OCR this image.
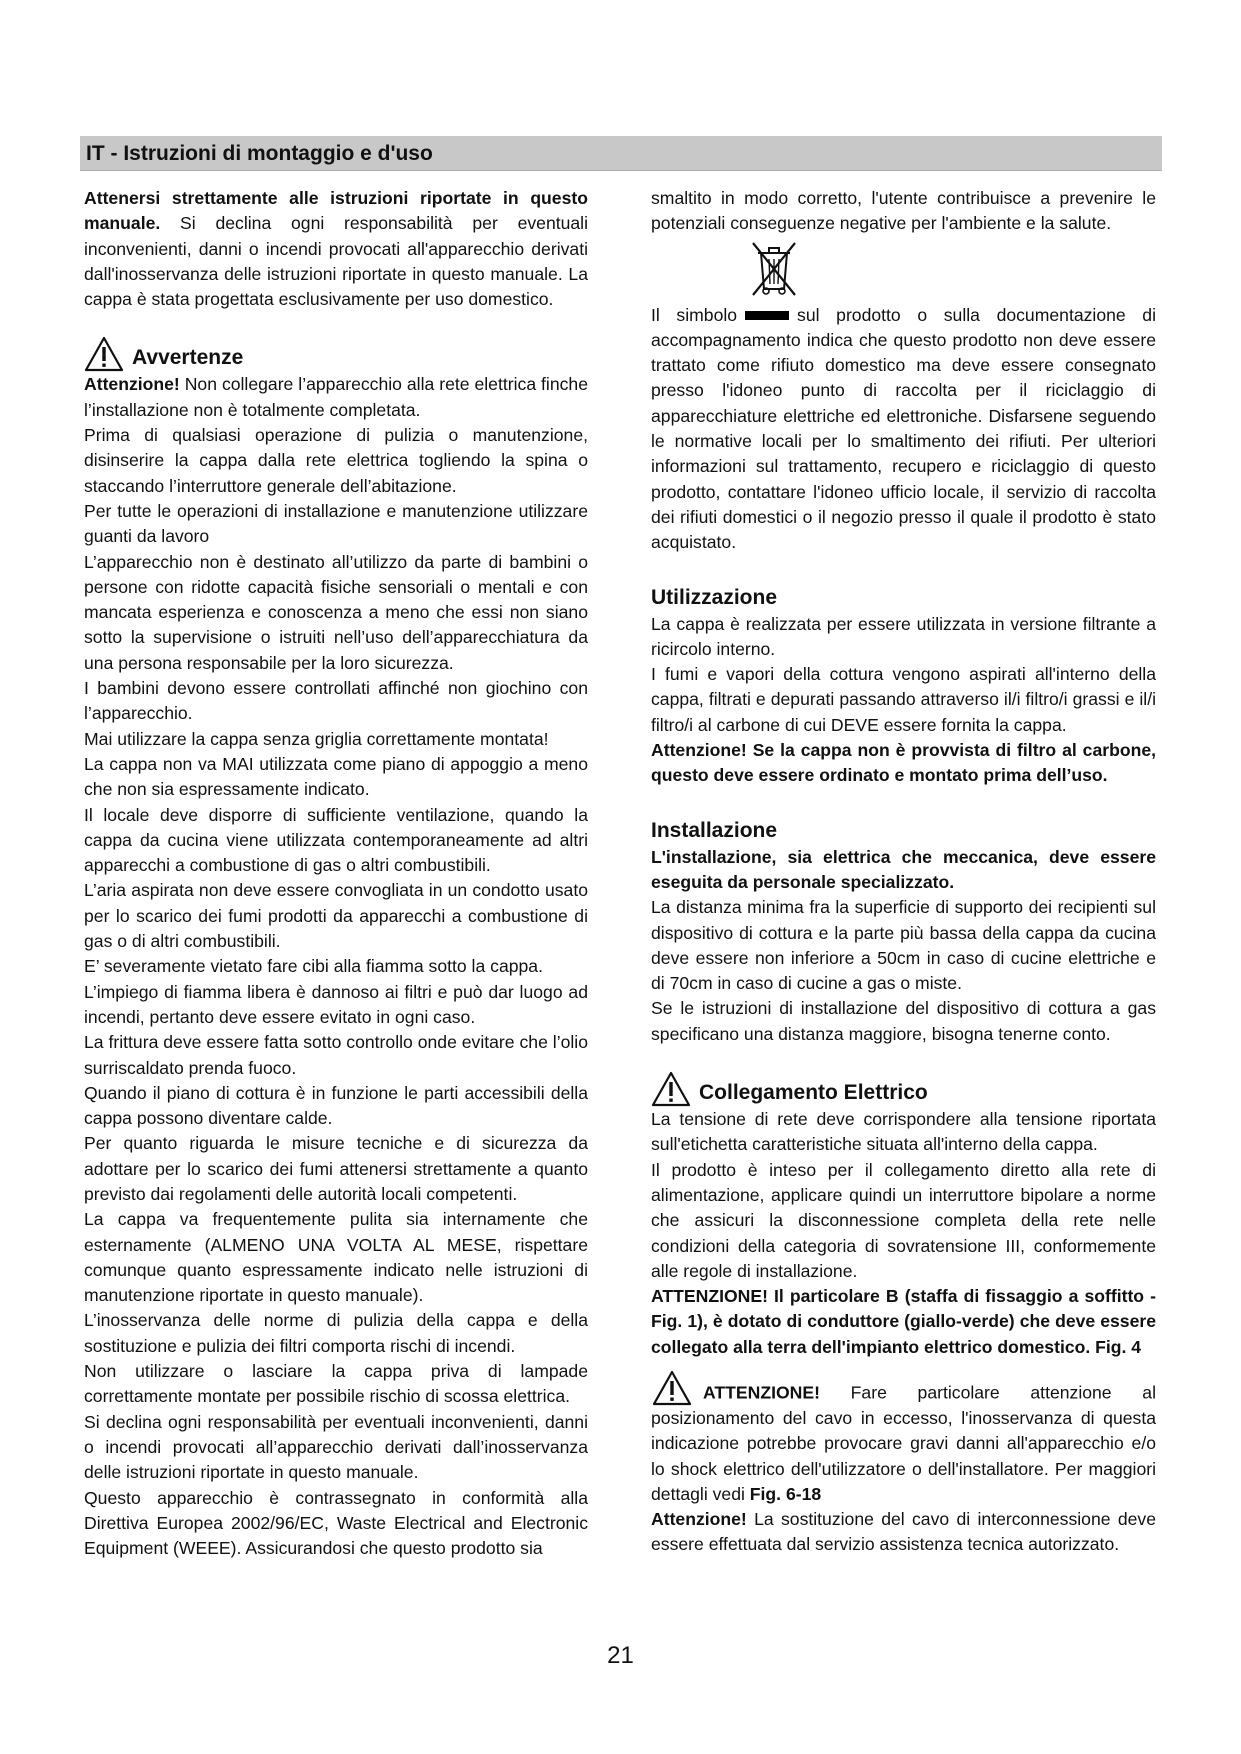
IT - Istruzioni di montaggio e d'uso

Attenersi strettamente alle istruzioni riportate in questo manuale. Si declina ogni responsabilità per eventuali inconvenienti, danni o incendi provocati all'apparecchio derivati dall'inosservanza delle istruzioni riportate in questo manuale. La cappa è stata progettata esclusivamente per uso domestico.

Avvertenze

Attenzione! Non collegare l’apparecchio alla rete elettrica finche l’installazione non è totalmente completata.

Prima di qualsiasi operazione di pulizia o manutenzione, disinserire la cappa dalla rete elettrica togliendo la spina o staccando l’interruttore generale dell’abitazione.

Per tutte le operazioni di installazione e manutenzione utilizzare guanti da lavoro

L’apparecchio non è destinato all’utilizzo da parte di bambini o persone con ridotte capacità fisiche sensoriali o mentali e con mancata esperienza e conoscenza a meno che essi non siano sotto la supervisione o istruiti nell’uso dell’apparecchiatura da una persona responsabile per la loro sicurezza.

I bambini devono essere controllati affinché non giochino con l’apparecchio.

Mai utilizzare la cappa senza griglia correttamente montata!

La cappa non va MAI utilizzata come piano di appoggio a meno che non sia espressamente indicato.

Il locale deve disporre di sufficiente ventilazione, quando la cappa da cucina viene utilizzata contemporaneamente ad altri apparecchi a combustione di gas o altri combustibili.

L’aria aspirata non deve essere convogliata in un condotto usato per lo scarico dei fumi prodotti da apparecchi a combustione di gas o di altri combustibili.

E’ severamente vietato fare cibi alla fiamma sotto la cappa.

L’impiego di fiamma libera è dannoso ai filtri e può dar luogo ad incendi, pertanto deve essere evitato in ogni caso.

La frittura deve essere fatta sotto controllo onde evitare che l’olio surriscaldato prenda fuoco.

Quando il piano di cottura è in funzione le parti accessibili della cappa possono diventare calde.

Per quanto riguarda le misure tecniche e di sicurezza da adottare per lo scarico dei fumi attenersi strettamente a quanto previsto dai regolamenti delle autorità locali competenti.

La cappa va frequentemente pulita sia internamente che esternamente (ALMENO UNA VOLTA AL MESE, rispettare comunque quanto espressamente indicato nelle istruzioni di manutenzione riportate in questo manuale).

L’inosservanza delle norme di pulizia della cappa e della sostituzione e pulizia dei filtri comporta rischi di incendi.

Non utilizzare o lasciare la cappa priva di lampade correttamente montate per possibile rischio di scossa elettrica.

Si declina ogni responsabilità per eventuali inconvenienti, danni o incendi provocati all’apparecchio derivati dall’inosservanza delle istruzioni riportate in questo manuale.

Questo apparecchio è contrassegnato in conformità alla Direttiva Europea 2002/96/EC, Waste Electrical and Electronic Equipment (WEEE). Assicurandosi che questo prodotto sia

smaltito in modo corretto, l'utente contribuisce a prevenire le potenziali conseguenze negative per l'ambiente e la salute.

Il simbolo	sul prodotto o sulla documentazione di accompagnamento indica che questo prodotto non deve essere trattato come rifiuto domestico ma deve essere consegnato presso l'idoneo punto di raccolta per il riciclaggio di apparecchiature elettriche ed elettroniche. Disfarsene seguendo le normative locali per lo smaltimento dei rifiuti. Per ulteriori informazioni sul trattamento, recupero e riciclaggio di questo prodotto, contattare l'idoneo ufficio locale, il servizio di raccolta dei rifiuti domestici o il negozio presso il quale il prodotto è stato acquistato.

Utilizzazione

La cappa è realizzata per essere utilizzata in versione filtrante a ricircolo interno.

I fumi e vapori della cottura vengono aspirati all'interno della cappa, filtrati e depurati passando attraverso il/i filtro/i grassi e il/i filtro/i al carbone di cui DEVE essere fornita la cappa.

Attenzione! Se la cappa non è provvista di filtro al carbone, questo deve essere ordinato e montato prima dell’uso.

Installazione

L'installazione, sia elettrica che meccanica, deve essere eseguita da personale specializzato.

La distanza minima fra la superficie di supporto dei recipienti sul dispositivo di cottura e la parte più bassa della cappa da cucina deve essere non inferiore a 50cm in caso di cucine elettriche e di 70cm in caso di cucine a gas o miste.

Se le istruzioni di installazione del dispositivo di cottura a gas specificano una distanza maggiore, bisogna tenerne conto.

Collegamento Elettrico

La tensione di rete deve corrispondere alla tensione riportata sull'etichetta caratteristiche situata all'interno della cappa.

Il prodotto è inteso per il collegamento diretto alla rete di alimentazione, applicare quindi un interruttore bipolare a norme che assicuri la disconnessione completa della rete nelle condizioni della categoria di sovratensione III, conformemente alle regole di installazione.

ATTENZIONE! Il particolare B (staffa di fissaggio a soffitto - Fig. 1), è dotato di conduttore (giallo-verde) che deve essere collegato alla terra dell'impianto elettrico domestico. Fig. 4

ATTENZIONE! Fare particolare attenzione al posizionamento del cavo in eccesso, l'inosservanza di questa indicazione potrebbe provocare gravi danni all'apparecchio e/o lo shock elettrico dell'utilizzatore o dell'installatore. Per maggiori dettagli vedi Fig. 6-18

Attenzione! La sostituzione del cavo di interconnessione deve essere effettuata dal servizio assistenza tecnica autorizzato.

21
